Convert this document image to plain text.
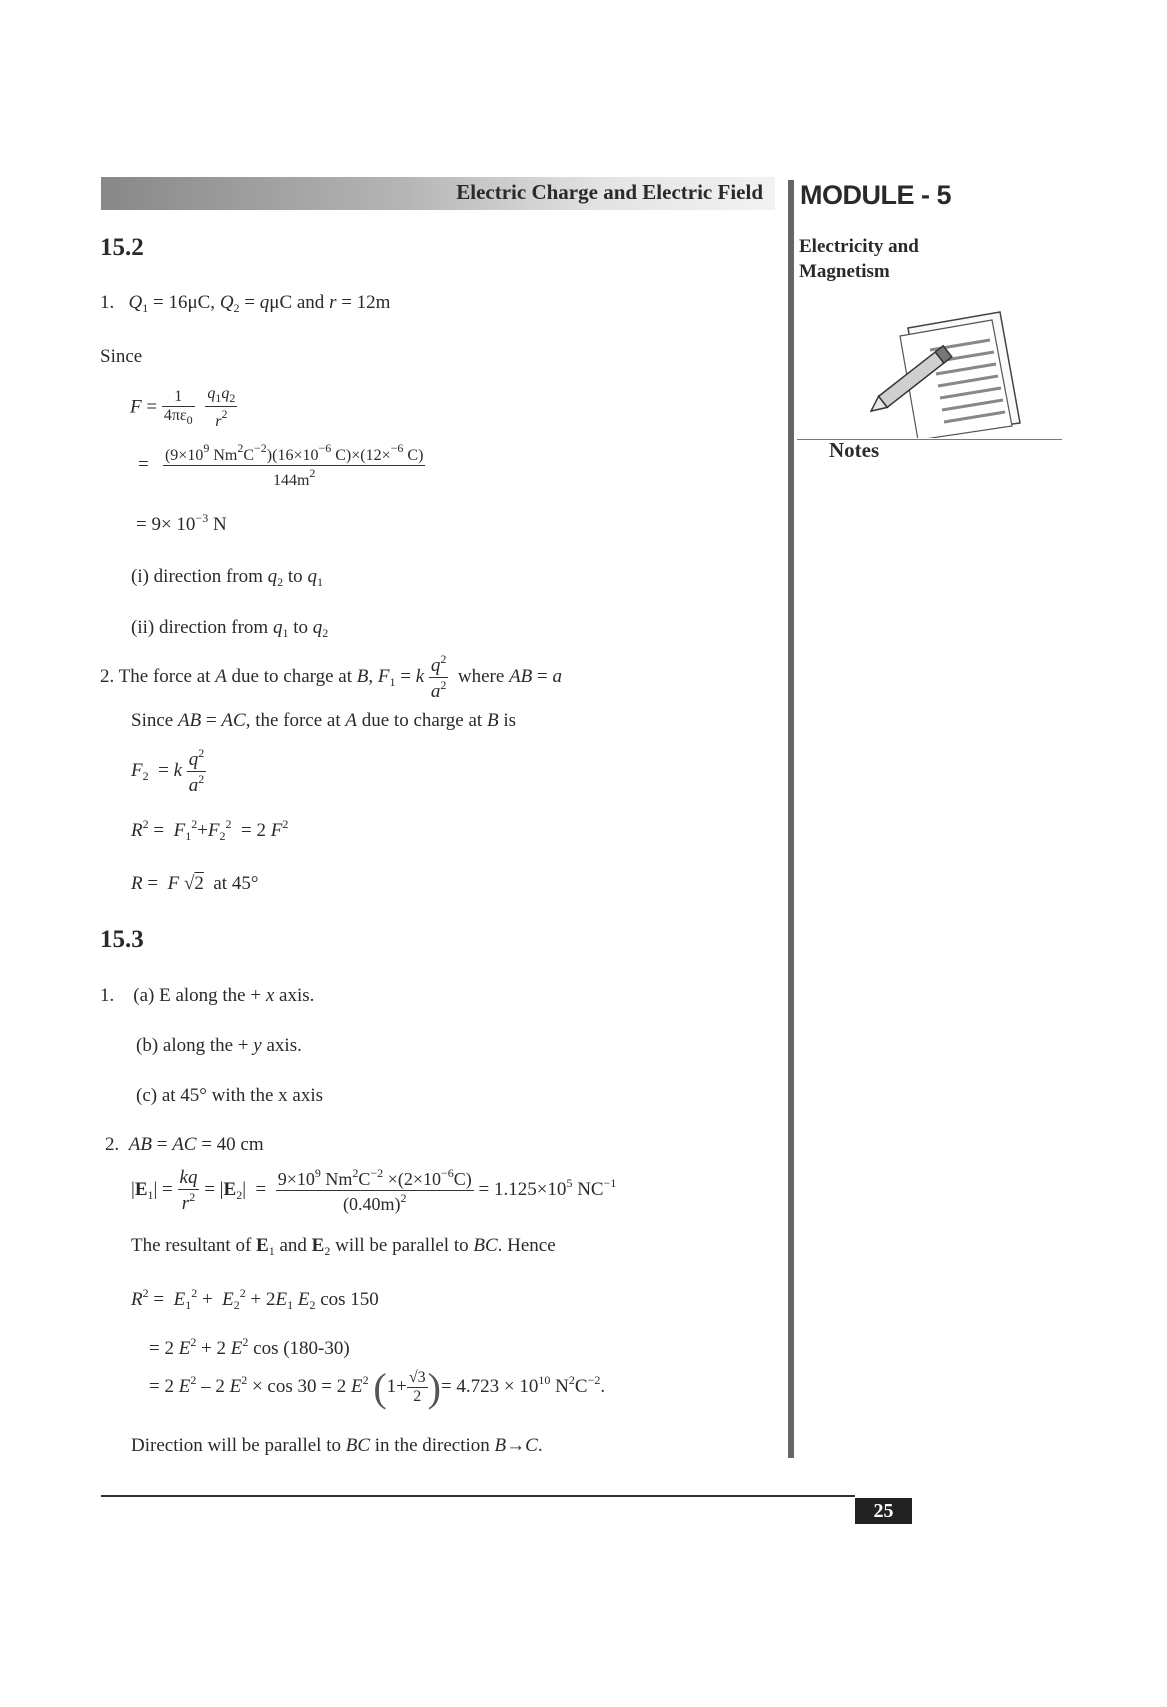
Electric Charge and Electric Field	MODULE - 5
Electricity and
Magnetism
Notes
15.2
1.   $Q_1 = 16\mu C$, $Q_2 = q\mu C$ and r = 12m
Since
$F = \frac{1}{4\pi\varepsilon_0}$
$\frac{q_1q_2}{r^2}$
= $\frac{(9\times 10^9 Nm^2C^{-2})(16\times 10^{-6} C)\times(12\times^{-6} C)}{144m^2}$
= $9\times 10^{-3}$ N
(i) direction from $q_2$ to $q_1$
(ii) direction from $q_1$ to $q_2$
2. The force at A due to charge at B, $F_1 = k \frac{q^2}{a^2}$ where AB = a
Since AB = AC, the force at A due to charge at B is
$F_2 = k \frac{q^2}{a^2}$
$R^2 = F_1^2+F_2^2 = 2$ $F^2$
R =  F √2  at 45°
15.3
1.    (a) E along the + x axis.
(b) along the + y axis.
(c) at 45° with the x axis
2.  AB = AC = 40 cm
$|E_1| = \frac{kq}{r^2} = |E_2| = \frac{9\times 10^9 Nm^2C^{-2} \times(2\times 10^{-6}C)}{(0.40m)^2} = 1.125\times 10^5$ $NC^{-1}$
The resultant of $E_1$ and $E_2$ will be parallel to BC. Hence
$R^2 = E_1^2 + E_2^2 + 2E_1$ $E_2$ cos 150
= 2 $E^2 + 2$ $E^2$ cos (180-30)
= 2 $E^2 - 2$ $E^2 \times \cos 30 = 2$ $E^2$ ($1+ \frac{√3}{2}$ )= $4.723 \times 10^{10}$ $N^2C^{-2}$.
Direction will be parallel to BC in the direction B→C.
25
